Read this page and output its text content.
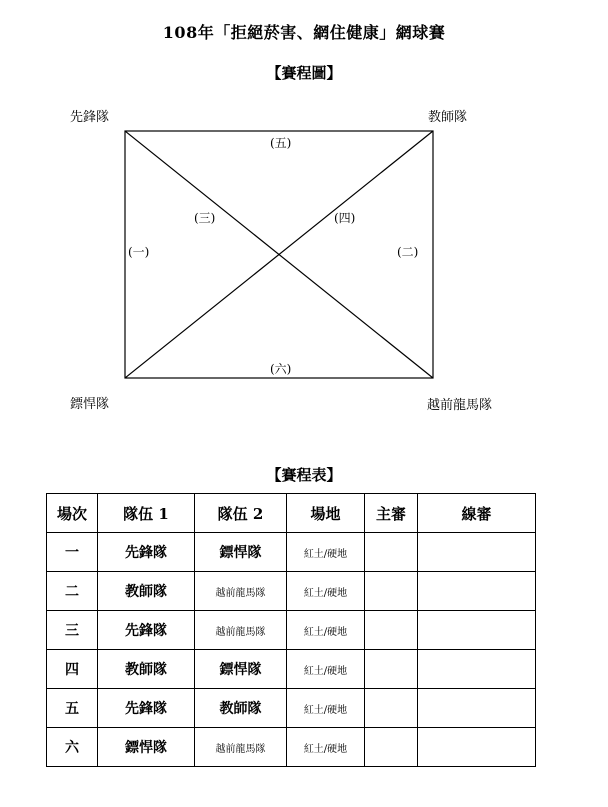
108年「拒絕菸害、網住健康」網球賽
【賽程圖】
先鋒隊	教師隊
鏢悍隊	越前龍馬隊
(五)
(一)	(二)
(六)
(三)	(四)
【賽程表】
場次	隊伍 1	隊伍 2	場地	主審	線審
一	先鋒隊	鏢悍隊	紅土/硬地		
二	教師隊	越前龍馬隊	紅土/硬地		
三	先鋒隊	越前龍馬隊	紅土/硬地		
四	教師隊	鏢悍隊	紅土/硬地		
五	先鋒隊	教師隊	紅土/硬地		
六	鏢悍隊	越前龍馬隊	紅土/硬地		
